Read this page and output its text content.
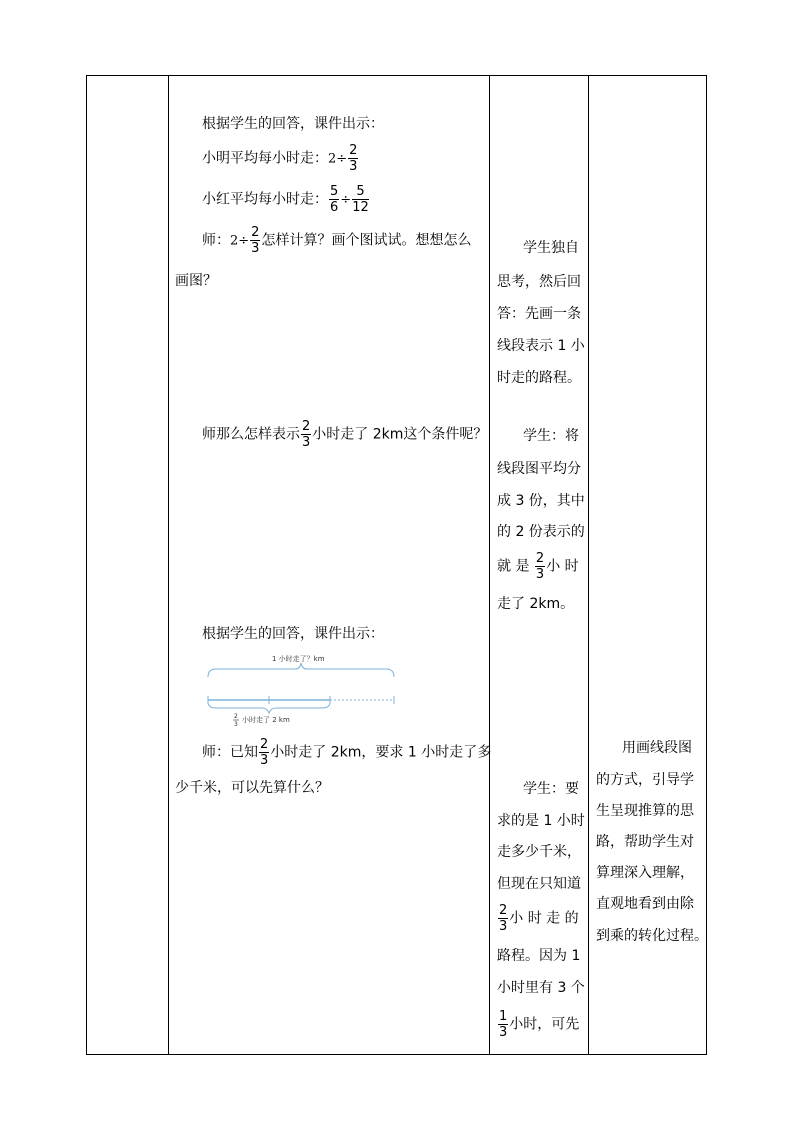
根据学生的回答，课件出示：
小明平均每小时走：$2\div \frac{2}{3}$
小红平均每小时走： $\frac{5}{6} \div \frac{5}{12}$
师：$2\div \frac{2}{3}$ 怎样计算？画个图试试。想想怎么
画图？
师那么怎样表示 $\frac{2}{3}$ 小时走了 2km这个条件呢？
根据学生的回答，课件出示：
1 小时走了？km
2
3
小时走了 2 km
师：已知 $\frac{2}{3}$ 小时走了 2km，要求 1 小时走了多
少千米，可以先算什么？
学生独自
思考，然后回
答：先画一条
线段表示 1 小
时走的路程。
学生：将
线段图平均分
成 3 份，其中
的 2 份表示的
就 是 $\frac{2}{3}$ 小 时
走了 2km。
学生：要
求的是 1 小时
走多少千米，
但现在只知道
$\frac{2}{3}$ 小 时 走 的
路程。因为 1
小时里有 3 个
$\frac{1}{3}$ 小时，可先
用画线段图
的方式，引导学
生呈现推算的思
路，帮助学生对
算理深入理解，
直观地看到由除
到乘的转化过程。
